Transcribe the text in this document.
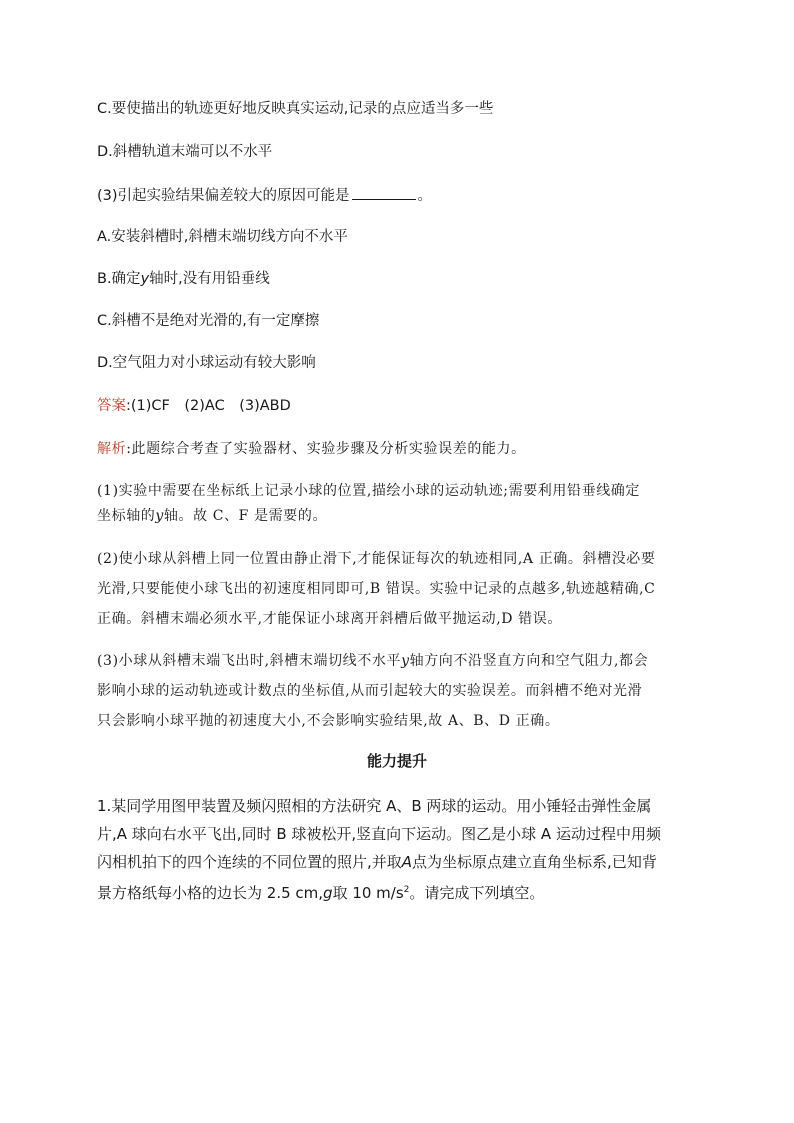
C.要使描出的轨迹更好地反映真实运动,记录的点应适当多一些
D.斜槽轨道末端可以不水平
(3)引起实验结果偏差较大的原因可能是	。
A.安装斜槽时,斜槽末端切线方向不水平
B.确定y轴时,没有用铅垂线
C.斜槽不是绝对光滑的,有一定摩擦
D.空气阻力对小球运动有较大影响
答案:(1)CF (2)AC (3)ABD
解析:此题综合考查了实验器材、实验步骤及分析实验误差的能力。
(1)实验中需要在坐标纸上记录小球的位置,描绘小球的运动轨迹;需要利用铅垂线确定
坐标轴的y轴。故 C、F 是需要的。
(2)使小球从斜槽上同一位置由静止滑下,才能保证每次的轨迹相同,A 正确。斜槽没必要
光滑,只要能使小球飞出的初速度相同即可,B 错误。实验中记录的点越多,轨迹越精确,C
正确。斜槽末端必须水平,才能保证小球离开斜槽后做平抛运动,D 错误。
(3)小球从斜槽末端飞出时,斜槽末端切线不水平y轴方向不沿竖直方向和空气阻力,都会
影响小球的运动轨迹或计数点的坐标值,从而引起较大的实验误差。而斜槽不绝对光滑
只会影响小球平抛的初速度大小,不会影响实验结果,故 A、B、D 正确。
能力提升
1.某同学用图甲装置及频闪照相的方法研究 A、B 两球的运动。用小锤轻击弹性金属
片,A 球向右水平飞出,同时 B 球被松开,竖直向下运动。图乙是小球 A 运动过程中用频
闪相机拍下的四个连续的不同位置的照片,并取A点为坐标原点建立直角坐标系,已知背
景方格纸每小格的边长为 2.5 cm,g取 10 $m/s^2$。请完成下列填空。
